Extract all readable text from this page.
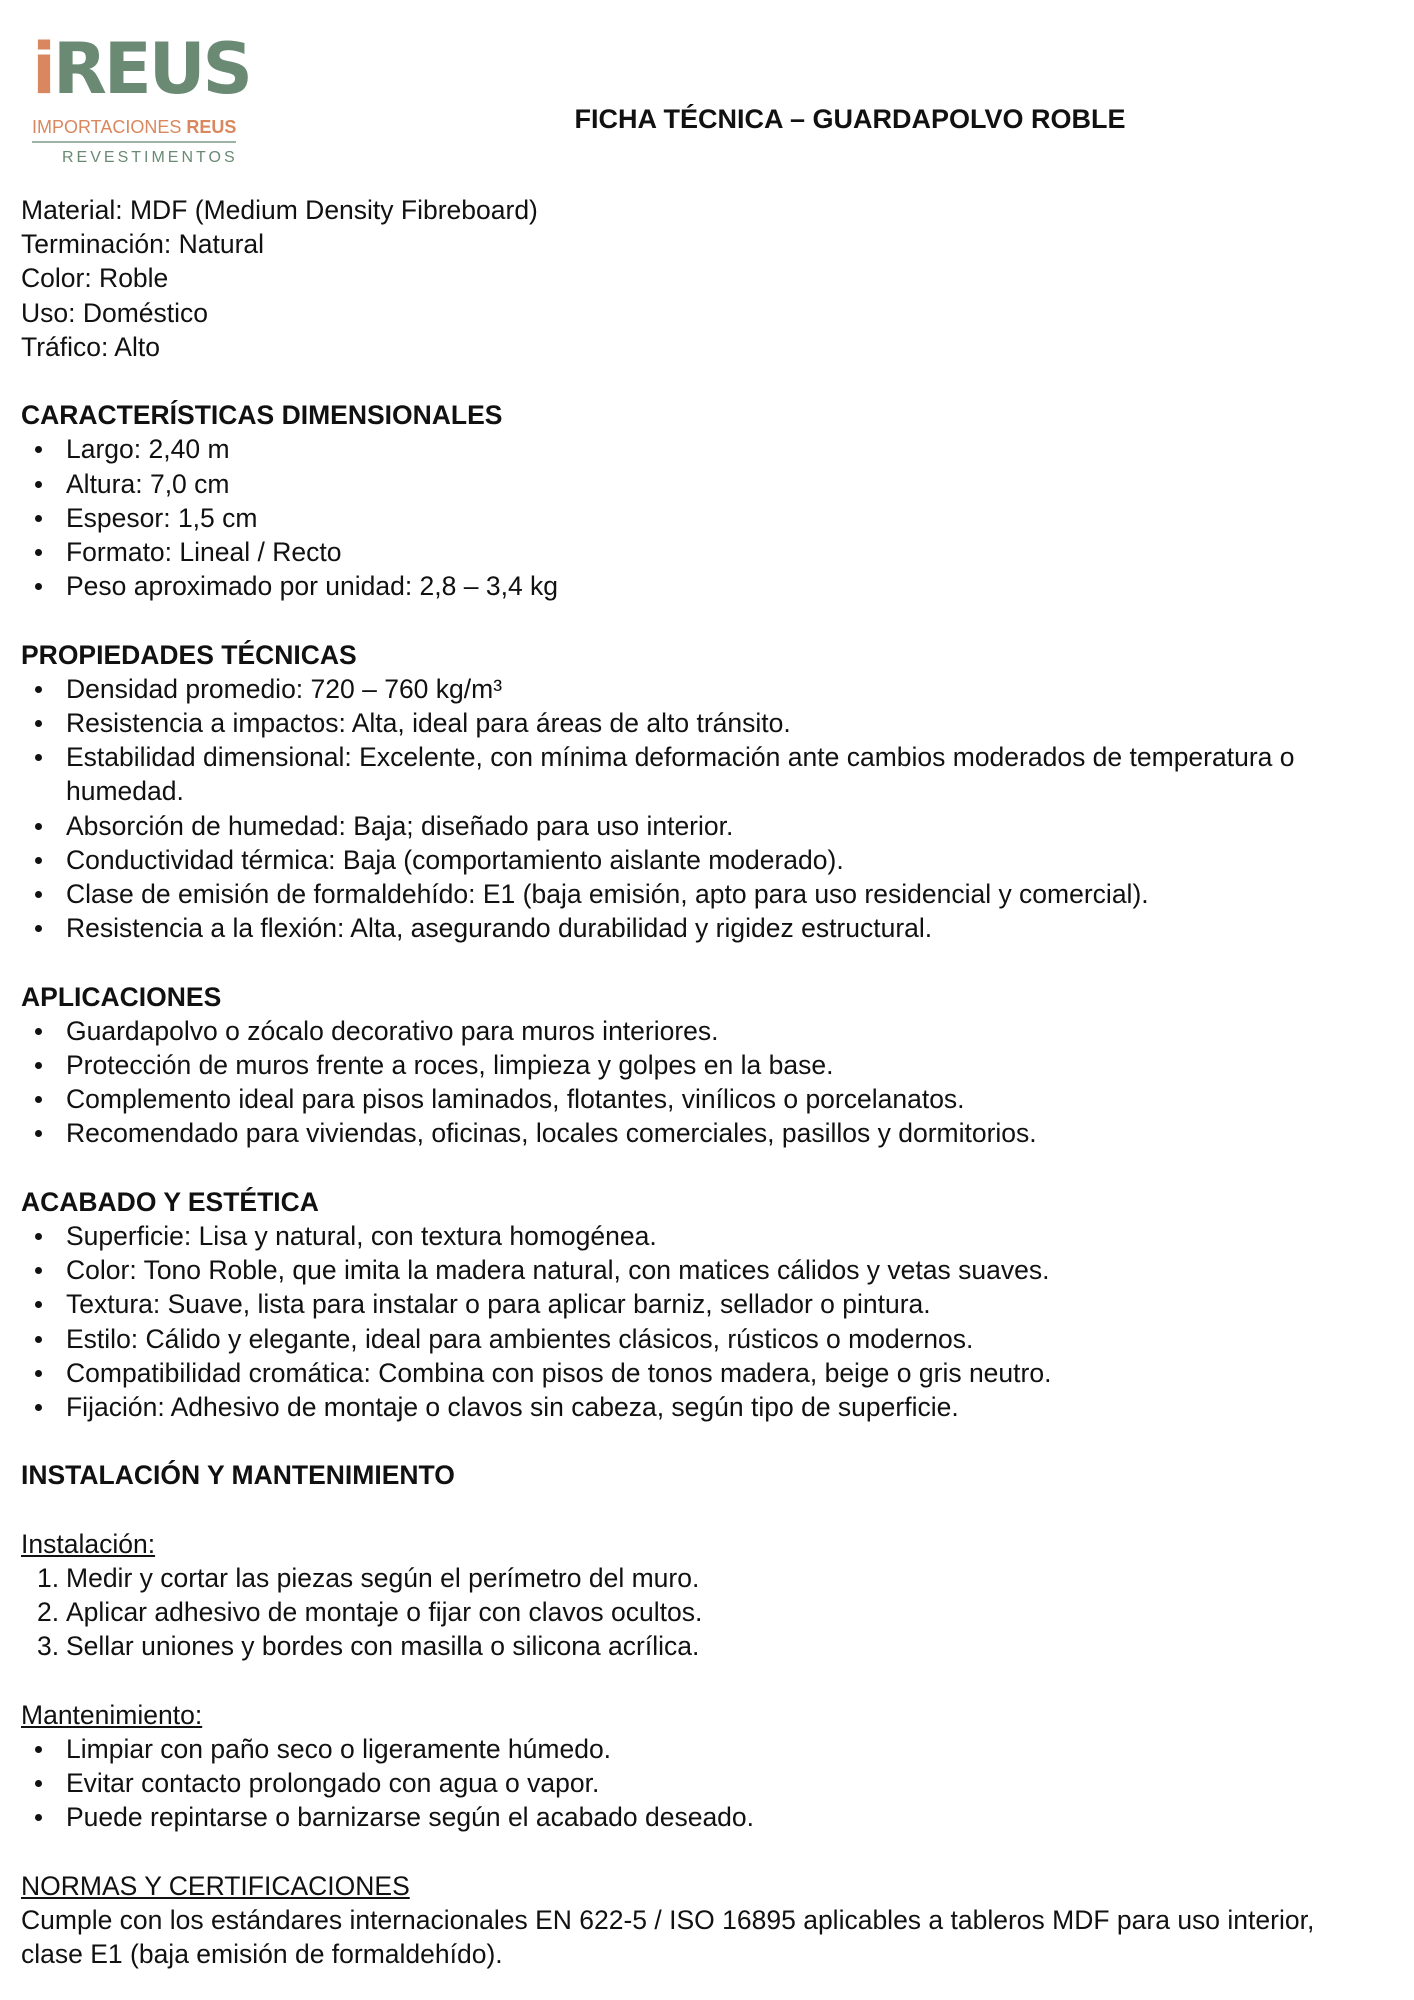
iREUS
IMPORTACIONES REUS
REVESTIMENTOS
FICHA TÉCNICA – GUARDAPOLVO ROBLE
Material: MDF (Medium Density Fibreboard)
Terminación: Natural
Color: Roble
Uso: Doméstico
Tráfico: Alto
CARACTERÍSTICAS DIMENSIONALES
Largo: 2,40 m
Altura: 7,0 cm
Espesor: 1,5 cm
Formato: Lineal / Recto
Peso aproximado por unidad: 2,8 – 3,4 kg
PROPIEDADES TÉCNICAS
Densidad promedio: 720 – 760 kg/m³
Resistencia a impactos: Alta, ideal para áreas de alto tránsito.
Estabilidad dimensional: Excelente, con mínima deformación ante cambios moderados de temperatura o humedad.
Absorción de humedad: Baja; diseñado para uso interior.
Conductividad térmica: Baja (comportamiento aislante moderado).
Clase de emisión de formaldehído: E1 (baja emisión, apto para uso residencial y comercial).
Resistencia a la flexión: Alta, asegurando durabilidad y rigidez estructural.
APLICACIONES
Guardapolvo o zócalo decorativo para muros interiores.
Protección de muros frente a roces, limpieza y golpes en la base.
Complemento ideal para pisos laminados, flotantes, vinílicos o porcelanatos.
Recomendado para viviendas, oficinas, locales comerciales, pasillos y dormitorios.
ACABADO Y ESTÉTICA
Superficie: Lisa y natural, con textura homogénea.
Color: Tono Roble, que imita la madera natural, con matices cálidos y vetas suaves.
Textura: Suave, lista para instalar o para aplicar barniz, sellador o pintura.
Estilo: Cálido y elegante, ideal para ambientes clásicos, rústicos o modernos.
Compatibilidad cromática: Combina con pisos de tonos madera, beige o gris neutro.
Fijación: Adhesivo de montaje o clavos sin cabeza, según tipo de superficie.
INSTALACIÓN Y MANTENIMIENTO
Instalación:
1. Medir y cortar las piezas según el perímetro del muro.
2. Aplicar adhesivo de montaje o fijar con clavos ocultos.
3. Sellar uniones y bordes con masilla o silicona acrílica.
Mantenimiento:
Limpiar con paño seco o ligeramente húmedo.
Evitar contacto prolongado con agua o vapor.
Puede repintarse o barnizarse según el acabado deseado.
NORMAS Y CERTIFICACIONES
Cumple con los estándares internacionales EN 622-5 / ISO 16895 aplicables a tableros MDF para uso interior, clase E1 (baja emisión de formaldehído).
